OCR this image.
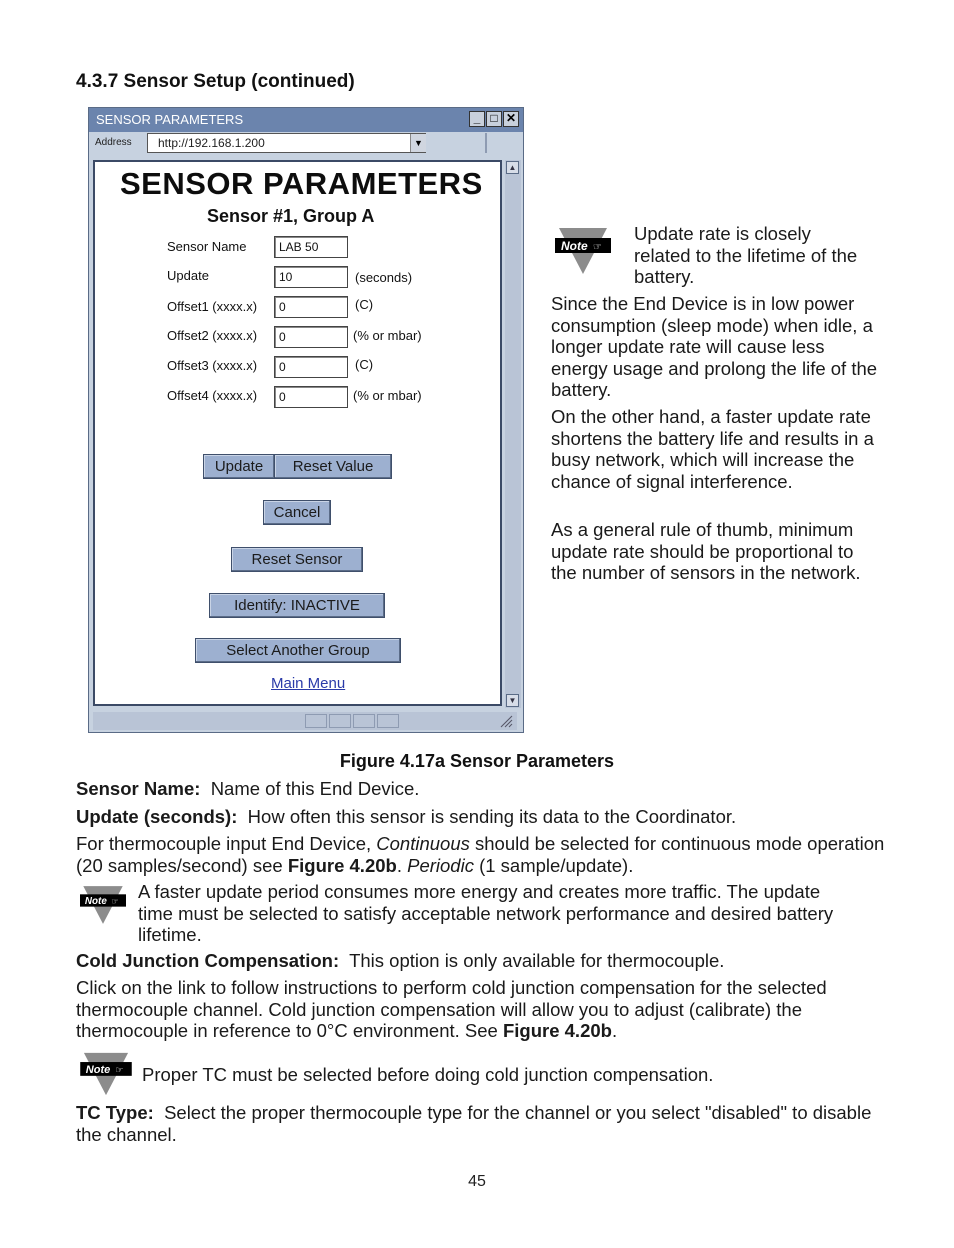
4.3.7 Sensor Setup (continued)
SENSOR PARAMETERS	_ □ ✕
Address	http://192.168.1.200	▼
SENSOR PARAMETERS
Sensor #1, Group A
Sensor Name	LAB 50
Update	10	(seconds)
Offset1 (xxxx.x)	0	(C)
Offset2 (xxxx.x)	0	(% or mbar)
Offset3 (xxxx.x)	0	(C)
Offset4 (xxxx.x)	0	(% or mbar)
Update	Reset Value
Cancel
Reset Sensor
Identify: INACTIVE
Select Another Group
Main Menu
▲
▼
Note ☞
Update rate is closely related to the lifetime of the battery.
Since the End Device is in low power consumption (sleep mode) when idle, a longer update rate will cause less energy usage and prolong the life of the battery.
On the other hand, a faster update rate shortens the battery life and results in a busy network, which will increase the chance of signal interference.
As a general rule of thumb, minimum update rate should be proportional to the number of sensors in the network.
Figure 4.17a Sensor Parameters
Sensor Name: Name of this End Device.
Update (seconds): How often this sensor is sending its data to the Coordinator.
For thermocouple input End Device, Continuous should be selected for continuous mode operation (20 samples/second) see Figure 4.20b. Periodic (1 sample/update).
Note ☞ A faster update period consumes more energy and creates more traffic. The update time must be selected to satisfy acceptable network performance and desired battery lifetime.
Cold Junction Compensation: This option is only available for thermocouple.
Click on the link to follow instructions to perform cold junction compensation for the selected thermocouple channel. Cold junction compensation will allow you to adjust (calibrate) the thermocouple in reference to 0°C environment. See Figure 4.20b.
Note ☞ Proper TC must be selected before doing cold junction compensation.
TC Type: Select the proper thermocouple type for the channel or you select "disabled" to disable the channel.
45
